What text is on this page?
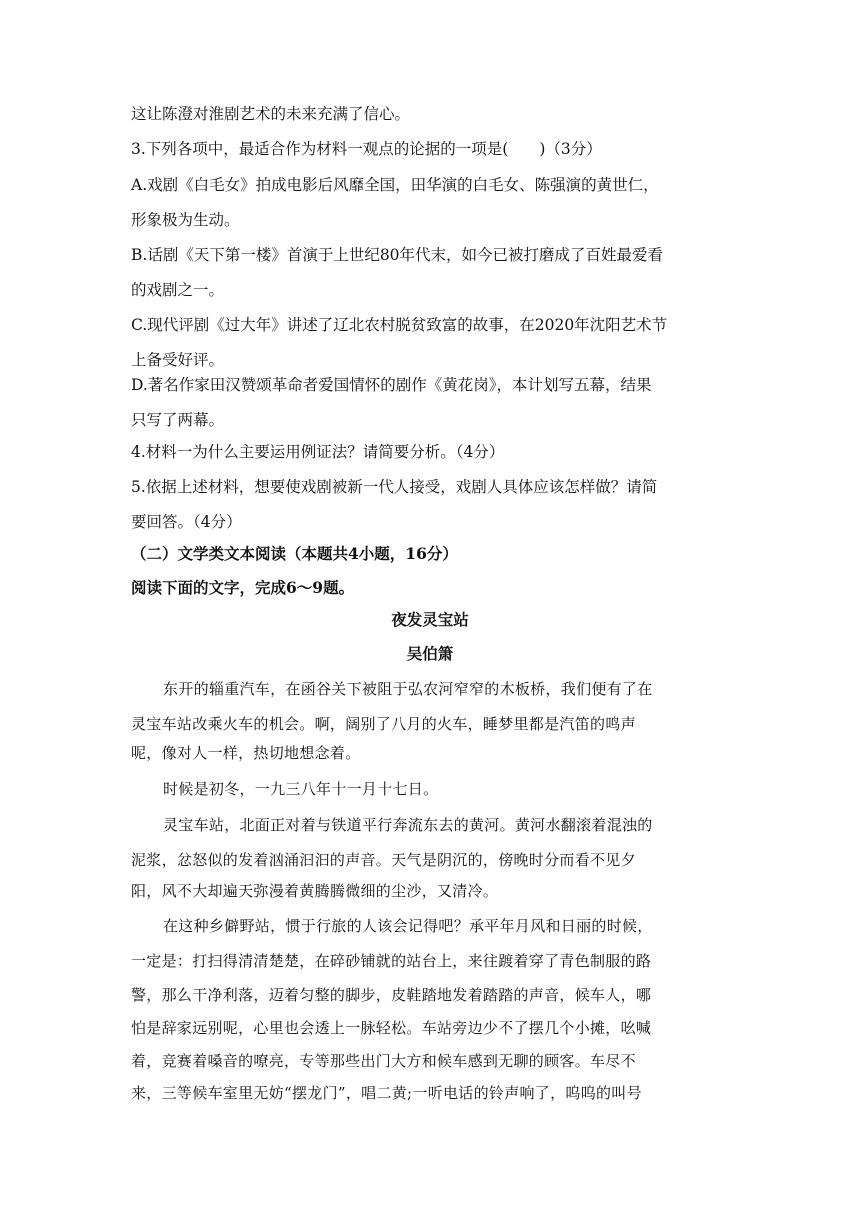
这让陈澄对淮剧艺术的未来充满了信心。
3.下列各项中，最适合作为材料一观点的论据的一项是(　　)（3分）
A.戏剧《白毛女》拍成电影后风靡全国，田华演的白毛女、陈强演的黄世仁，
形象极为生动。
B.话剧《天下第一楼》首演于上世纪80年代末，如今已被打磨成了百姓最爱看
的戏剧之一。
C.现代评剧《过大年》讲述了辽北农村脱贫致富的故事，在2020年沈阳艺术节
上备受好评。
D.著名作家田汉赞颂革命者爱国情怀的剧作《黄花岗》，本计划写五幕，结果
只写了两幕。
4.材料一为什么主要运用例证法？请简要分析。（4分）
5.依据上述材料，想要使戏剧被新一代人接受，戏剧人具体应该怎样做？请简
要回答。（4分）
（二）文学类文本阅读（本题共4小题，16分）
阅读下面的文字，完成6～9题。
夜发灵宝站
吴伯箫
东开的辎重汽车，在函谷关下被阻于弘农河窄窄的木板桥，我们便有了在
灵宝车站改乘火车的机会。啊，阔别了八月的火车，睡梦里都是汽笛的鸣声
呢，像对人一样，热切地想念着。
时候是初冬，一九三八年十一月十七日。
灵宝车站，北面正对着与铁道平行奔流东去的黄河。黄河水翻滚着混浊的
泥浆，忿怒似的发着汹涌汩汩的声音。天气是阴沉的，傍晚时分而看不见夕
阳，风不大却遍天弥漫着黄腾腾微细的尘沙，又清冷。
在这种乡僻野站，惯于行旅的人该会记得吧？承平年月风和日丽的时候，
一定是：打扫得清清楚楚，在碎砂铺就的站台上，来往踱着穿了青色制服的路
警，那么干净利落，迈着匀整的脚步，皮鞋踏地发着踏踏的声音，候车人，哪
怕是辞家远别呢，心里也会透上一脉轻松。车站旁边少不了摆几个小摊，吆喊
着，竞赛着嗓音的嘹亮，专等那些出门大方和候车感到无聊的顾客。车尽不
来，三等候车室里无妨“摆龙门”，唱二黄;一听电话的铃声响了，呜呜的叫号
